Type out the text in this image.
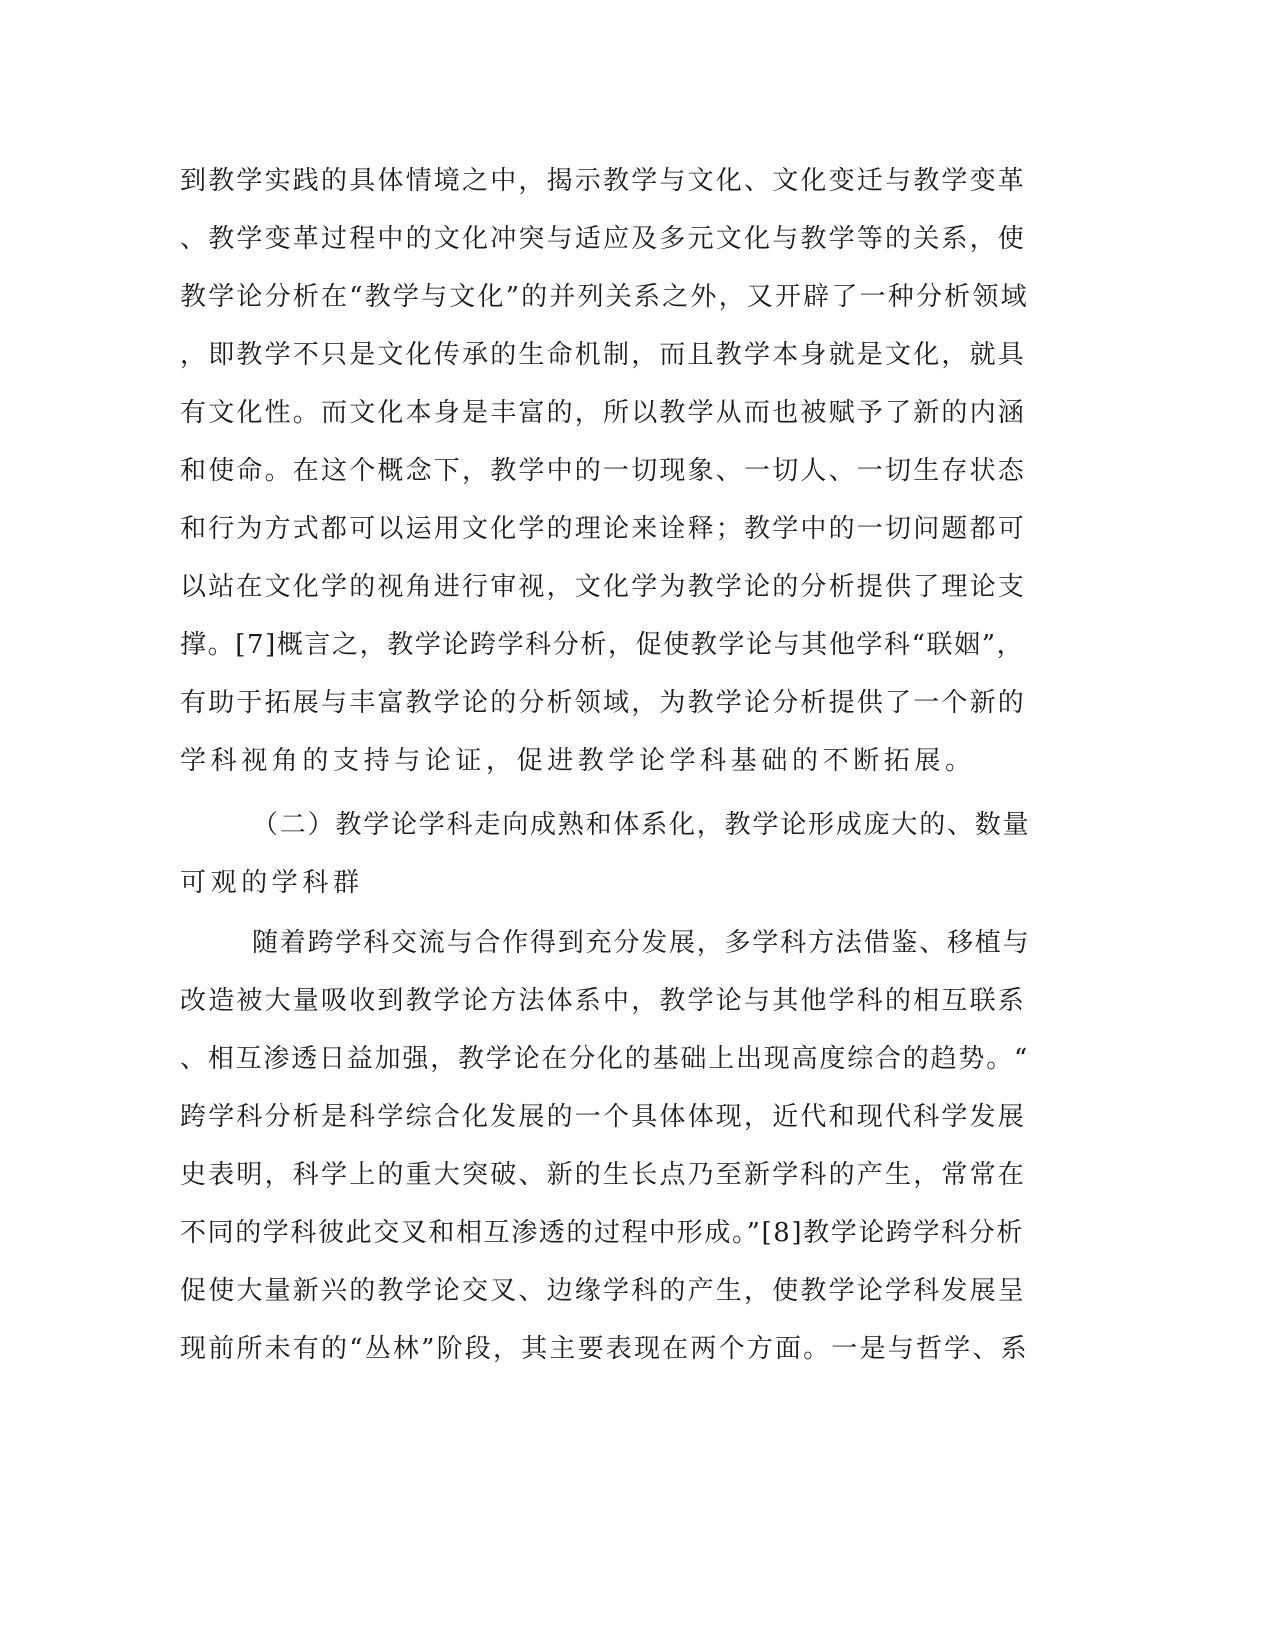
到教学实践的具体情境之中，揭示教学与文化、文化变迁与教学变革
、教学变革过程中的文化冲突与适应及多元文化与教学等的关系，使
教学论分析在“教学与文化”的并列关系之外，又开辟了一种分析领域
，即教学不只是文化传承的生命机制，而且教学本身就是文化，就具
有文化性。而文化本身是丰富的，所以教学从而也被赋予了新的内涵
和使命。在这个概念下，教学中的一切现象、一切人、一切生存状态
和行为方式都可以运用文化学的理论来诠释；教学中的一切问题都可
以站在文化学的视角进行审视，文化学为教学论的分析提供了理论支
撑。[7]概言之，教学论跨学科分析，促使教学论与其他学科“联姻”，
有助于拓展与丰富教学论的分析领域，为教学论分析提供了一个新的
学科视角的支持与论证，促进教学论学科基础的不断拓展。
（二）教学论学科走向成熟和体系化，教学论形成庞大的、数量
可观的学科群
随着跨学科交流与合作得到充分发展，多学科方法借鉴、移植与
改造被大量吸收到教学论方法体系中，教学论与其他学科的相互联系
、相互渗透日益加强，教学论在分化的基础上出现高度综合的趋势。“
跨学科分析是科学综合化发展的一个具体体现，近代和现代科学发展
史表明，科学上的重大突破、新的生长点乃至新学科的产生，常常在
不同的学科彼此交叉和相互渗透的过程中形成。”[8]教学论跨学科分析
促使大量新兴的教学论交叉、边缘学科的产生，使教学论学科发展呈
现前所未有的“丛林”阶段，其主要表现在两个方面。一是与哲学、系
